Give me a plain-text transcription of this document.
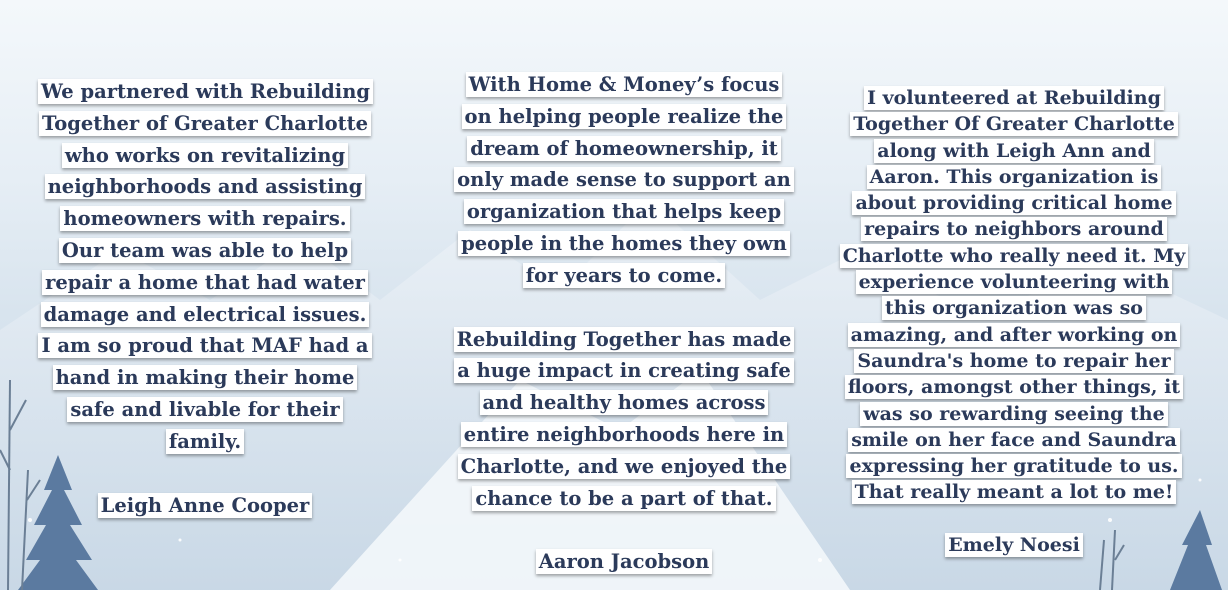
We partnered with Rebuilding Together of Greater Charlotte who works on revitalizing neighborhoods and assisting homeowners with repairs. Our team was able to help repair a home that had water damage and electrical issues. I am so proud that MAF had a hand in making their home safe and livable for their family.

Leigh Anne Cooper

With Home & Money’s focus on helping people realize the dream of homeownership, it only made sense to support an organization that helps keep people in the homes they own for years to come.

Rebuilding Together has made a huge impact in creating safe and healthy homes across entire neighborhoods here in Charlotte, and we enjoyed the chance to be a part of that.

Aaron Jacobson

I volunteered at Rebuilding Together Of Greater Charlotte along with Leigh Ann and Aaron. This organization is about providing critical home repairs to neighbors around Charlotte who really need it. My experience volunteering with this organization was so amazing, and after working on Saundra's home to repair her floors, amongst other things, it was so rewarding seeing the smile on her face and Saundra expressing her gratitude to us. That really meant a lot to me!

Emely Noesi
